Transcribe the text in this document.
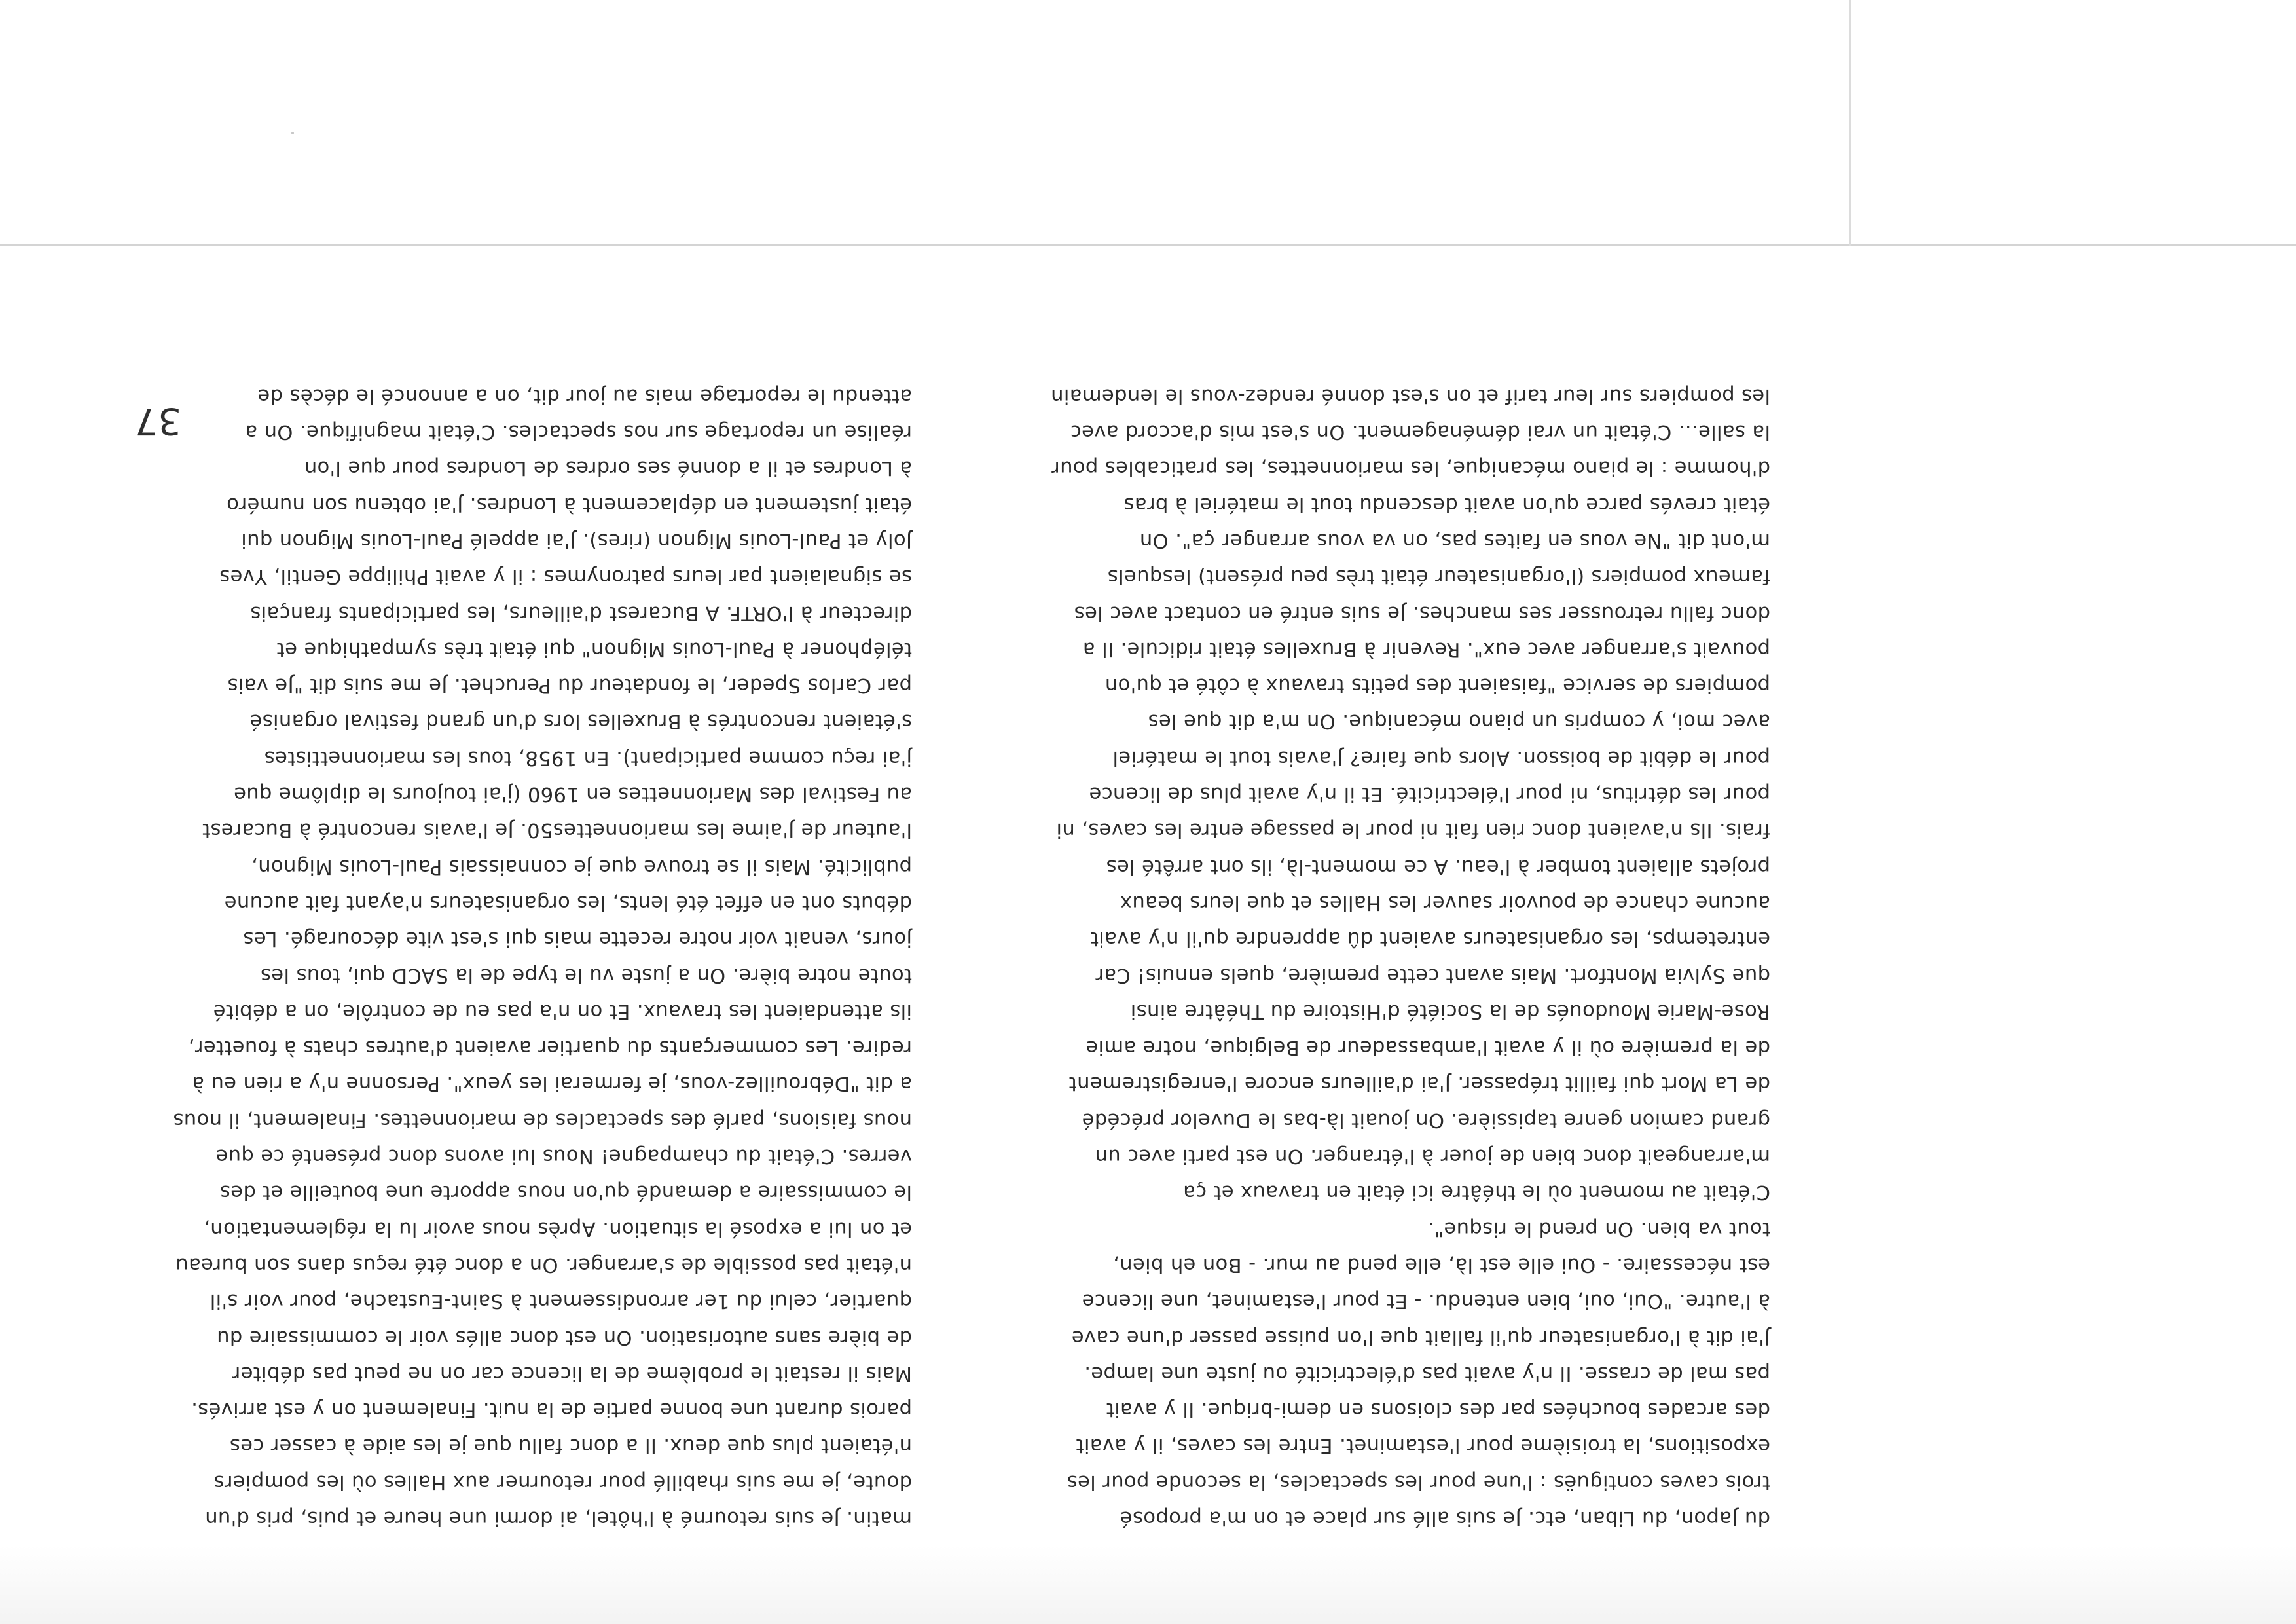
du Japon, du Liban, etc. Je suis allé sur place et on m'a proposé
trois caves contiguës : l'une pour les spectacles, la seconde pour les
expositions, la troisième pour l'estaminet. Entre les caves, il y avait
des arcades bouchées par des cloisons en demi-brique. Il y avait
pas mal de crasse. Il n'y avait pas d'électricité ou juste une lampe.
J'ai dit à l'organisateur qu'il fallait que l'on puisse passer d'une cave
à l'autre. "Oui, oui, bien entendu. - Et pour l'estaminet, une licence
est nécessaire. - Oui elle est là, elle pend au mur. - Bon eh bien,
tout va bien. On prend le risque".
C'était au moment où le théâtre ici était en travaux et ça
m'arrangeait donc bien de jouer à l'étranger. On est parti avec un
grand camion genre tapissière. On jouait là-bas le Duvelor précédé
de La Mort qui faillit trépasser. J'ai d'ailleurs encore l'enregistrement
de la première où il y avait l'ambassadeur de Belgique, notre amie
Rose-Marie Moudoués de la Société d'Histoire du Théâtre ainsi
que Sylvia Montfort. Mais avant cette première, quels ennuis! Car
entretemps, les organisateurs avaient dû apprendre qu'il n'y avait
aucune chance de pouvoir sauver les Halles et que leurs beaux
projets allaient tomber à l'eau. A ce moment-là, ils ont arrêté les
frais. Ils n'avaient donc rien fait ni pour le passage entre les caves, ni
pour les détritus, ni pour l'électricité. Et il n'y avait plus de licence
pour le débit de boisson. Alors que faire? J'avais tout le matériel
avec moi, y compris un piano mécanique. On m'a dit que les
pompiers de service "faisaient des petits travaux à côté et qu'on
pouvait s'arranger avec eux". Revenir à Bruxelles était ridicule. Il a
donc fallu retrousser ses manches. Je suis entré en contact avec les
fameux pompiers (l'organisateur était très peu présent) lesquels
m'ont dit "Ne vous en faites pas, on va vous arranger ça". On
était crevés parce qu'on avait descendu tout le matériel à bras
d'homme : le piano mécanique, les marionnettes, les praticables pour
la salle... C'était un vrai déménagement. On s'est mis d'accord avec
les pompiers sur leur tarif et on s'est donné rendez-vous le lendemain
matin. Je suis retourné à l'hôtel, ai dormi une heure et puis, pris d'un
doute, je me suis rhabillé pour retourner aux Halles où les pompiers
n'étaient plus que deux. Il a donc fallu que je les aide à casser ces
parois durant une bonne partie de la nuit. Finalement on y est arrivés.
Mais il restait le problème de la licence car on ne peut pas débiter
de bière sans autorisation. On est donc allés voir le commissaire du
quartier, celui du 1er arrondissement à Saint-Eustache, pour voir s'il
n'était pas possible de s'arranger. On a donc été reçus dans son bureau
et on lui a exposé la situation. Après nous avoir lu la réglementation,
le commissaire a demandé qu'on nous apporte une bouteille et des
verres. C'était du champagne! Nous lui avons donc présenté ce que
nous faisions, parlé des spectacles de marionnettes. Finalement, il nous
a dit "Débrouillez-vous, je fermerai les yeux". Personne n'y a rien eu à
redire. Les commerçants du quartier avaient d'autres chats à fouetter,
ils attendaient les travaux. Et on n'a pas eu de contrôle, on a débité
toute notre bière. On a juste vu le type de la SACD qui, tous les
jours, venait voir notre recette mais qui s'est vite découragé. Les
débuts ont en effet été lents, les organisateurs n'ayant fait aucune
publicité. Mais il se trouve que je connaissais Paul-Louis Mignon,
l'auteur de J'aime les marionnettes50. Je l'avais rencontré à Bucarest
au Festival des Marionnettes en 1960 (j'ai toujours le diplôme que
j'ai reçu comme participant). En 1958, tous les marionnettistes
s'étaient rencontrés à Bruxelles lors d'un grand festival organisé
par Carlos Speder, le fondateur du Peruchet. Je me suis dit "Je vais
téléphoner à Paul-Louis Mignon" qui était très sympathique et
directeur à l'ORTF. A Bucarest d'ailleurs, les participants français
se signalaient par leurs patronymes : il y avait Philippe Gentil, Yves
Joly et Paul-Louis Mignon (rires). J'ai appelé Paul-Louis Mignon qui
était justement en déplacement à Londres. J'ai obtenu son numéro
à Londres et il a donné ses ordres de Londres pour que l'on
réalise un reportage sur nos spectacles. C'était magnifique. On a
attendu le reportage mais au jour dit, on a annoncé le décès de
37
